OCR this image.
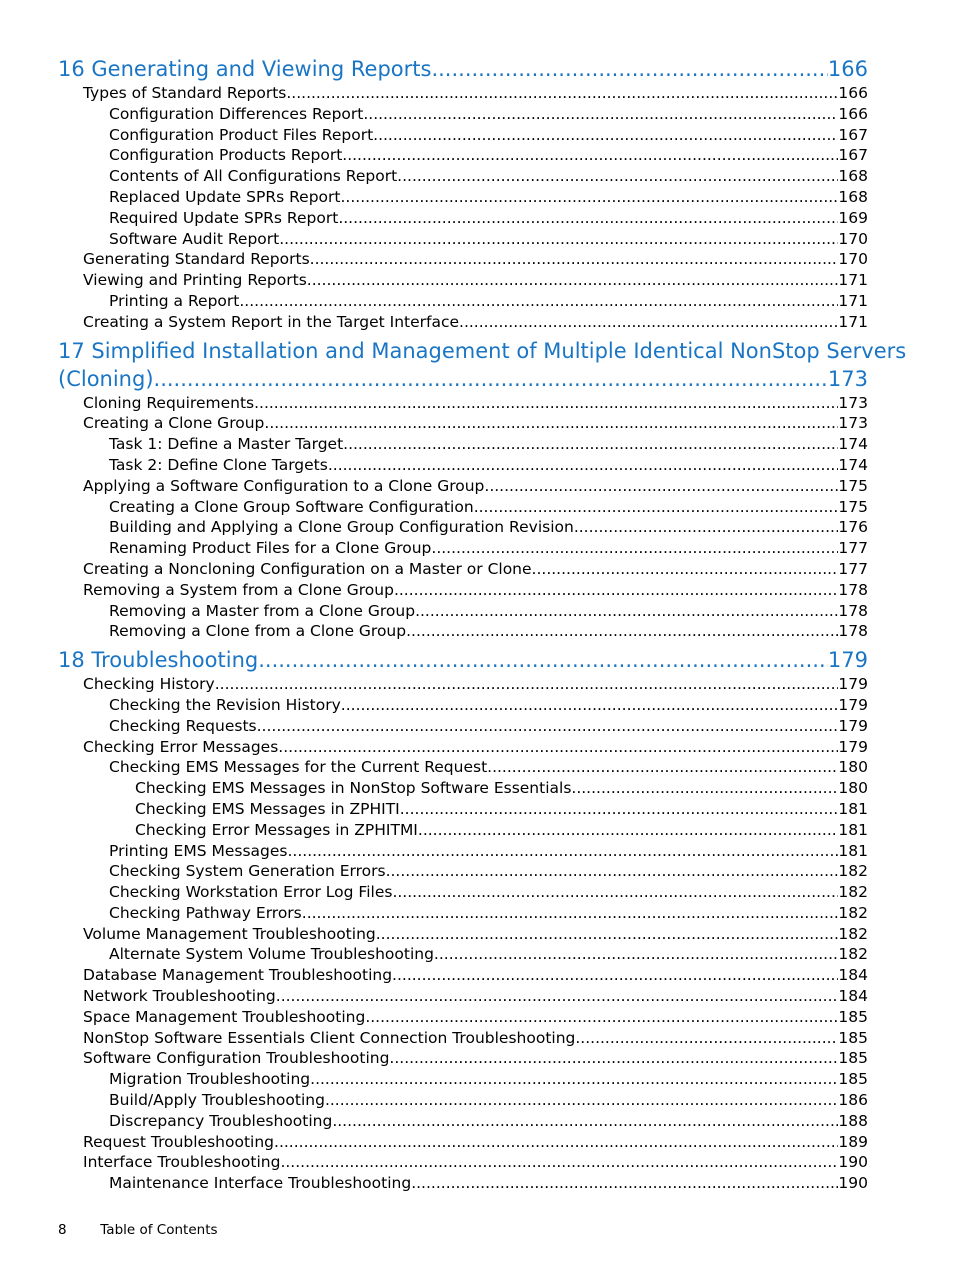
16 Generating and Viewing Reports .....	166
Types of Standard Reports .....	166
Configuration Differences Report .....	166
Configuration Product Files Report .....	167
Configuration Products Report .....	167
Contents of All Configurations Report .....	168
Replaced Update SPRs Report .....	168
Required Update SPRs Report .....	169
Software Audit Report .....	170
Generating Standard Reports .....	170
Viewing and Printing Reports .....	171
Printing a Report .....	171
Creating a System Report in the Target Interface .....	171
17 Simplified Installation and Management of Multiple Identical NonStop Servers
(Cloning) .....	173
Cloning Requirements .....	173
Creating a Clone Group .....	173
Task 1: Define a Master Target .....	174
Task 2: Define Clone Targets .....	174
Applying a Software Configuration to a Clone Group .....	175
Creating a Clone Group Software Configuration .....	175
Building and Applying a Clone Group Configuration Revision .....	176
Renaming Product Files for a Clone Group .....	177
Creating a Noncloning Configuration on a Master or Clone .....	177
Removing a System from a Clone Group .....	178
Removing a Master from a Clone Group .....	178
Removing a Clone from a Clone Group .....	178
18 Troubleshooting .....	179
Checking History .....	179
Checking the Revision History .....	179
Checking Requests .....	179
Checking Error Messages .....	179
Checking EMS Messages for the Current Request .....	180
Checking EMS Messages in NonStop Software Essentials .....	180
Checking EMS Messages in ZPHITI .....	181
Checking Error Messages in ZPHITMI .....	181
Printing EMS Messages .....	181
Checking System Generation Errors .....	182
Checking Workstation Error Log Files .....	182
Checking Pathway Errors .....	182
Volume Management Troubleshooting .....	182
Alternate System Volume Troubleshooting .....	182
Database Management Troubleshooting .....	184
Network Troubleshooting .....	184
Space Management Troubleshooting .....	185
NonStop Software Essentials Client Connection Troubleshooting .....	185
Software Configuration Troubleshooting .....	185
Migration Troubleshooting .....	185
Build/Apply Troubleshooting .....	186
Discrepancy Troubleshooting .....	188
Request Troubleshooting .....	189
Interface Troubleshooting .....	190
Maintenance Interface Troubleshooting .....	190
8 Table of Contents
